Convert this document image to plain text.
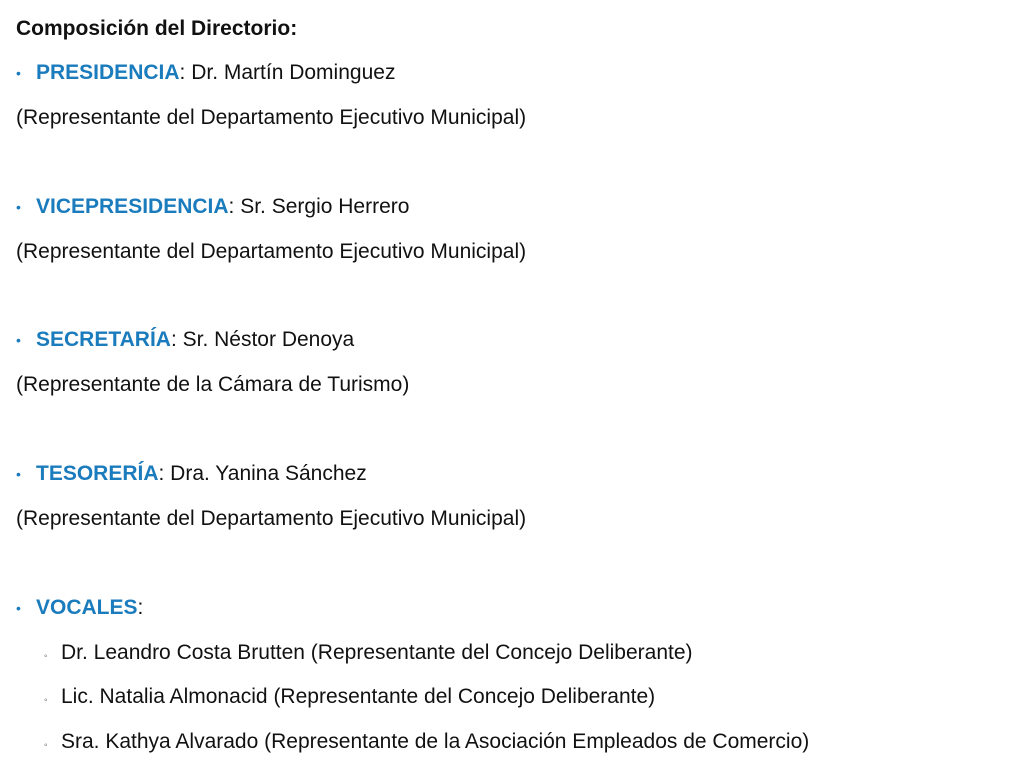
Composición del Directorio:
• PRESIDENCIA: Dr. Martín Dominguez
(Representante del Departamento Ejecutivo Municipal)
• VICEPRESIDENCIA: Sr. Sergio Herrero
(Representante del Departamento Ejecutivo Municipal)
• SECRETARÍA: Sr. Néstor Denoya
(Representante de la Cámara de Turismo)
• TESORERÍA: Dra. Yanina Sánchez
(Representante del Departamento Ejecutivo Municipal)
• VOCALES:
◦ Dr. Leandro Costa Brutten (Representante del Concejo Deliberante)
◦ Lic. Natalia Almonacid (Representante del Concejo Deliberante)
◦ Sra. Kathya Alvarado (Representante de la Asociación Empleados de Comercio)
